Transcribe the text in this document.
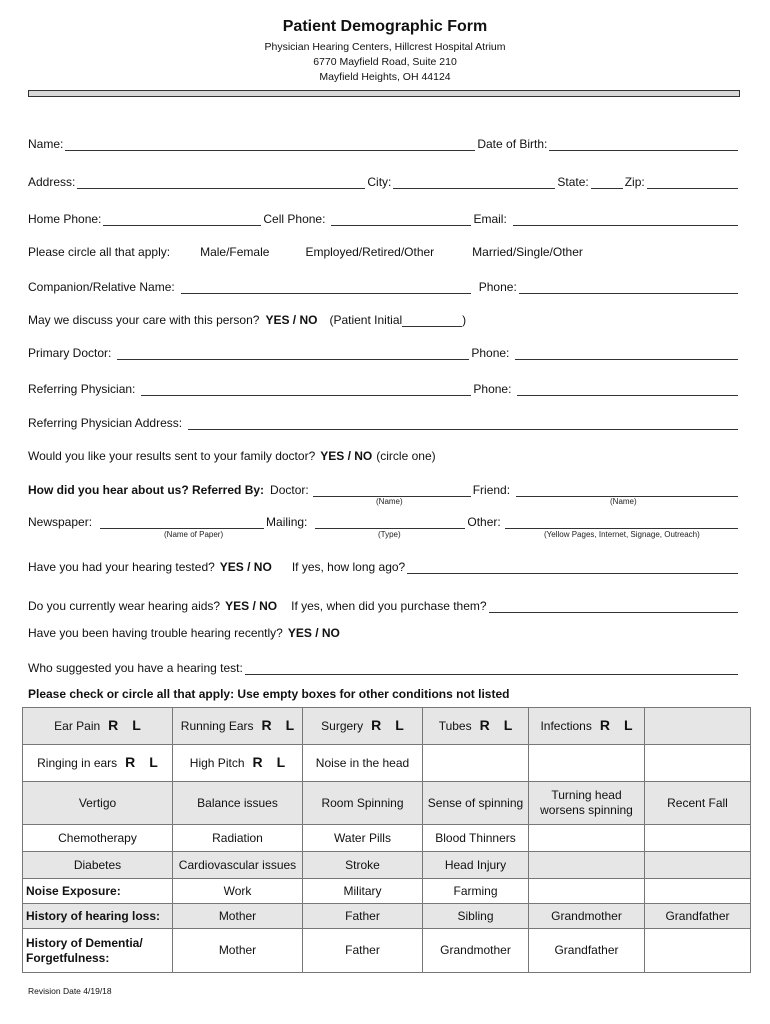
Patient Demographic Form
Physician Hearing Centers, Hillcrest Hospital Atrium
6770 Mayfield Road, Suite 210
Mayfield Heights, OH 44124
Name:	Date of Birth:
Address:	City:	State:	Zip:
Home Phone:	Cell Phone:	Email:
Please circle all that apply:	Male/Female	Employed/Retired/Other	Married/Single/Other
Companion/Relative Name:	Phone:
May we discuss your care with this person? YES / NO (Patient Initial	)
Primary Doctor:	Phone:
Referring Physician:	Phone:
Referring Physician Address:
Would you like your results sent to your family doctor? YES / NO (circle one)
How did you hear about us? Referred By: Doctor:	Friend:
(Name)	(Name)
Newspaper:	Mailing:	Other:
(Name of Paper)	(Type)	(Yellow Pages, Internet, Signage, Outreach)
Have you had your hearing tested? YES / NO If yes, how long ago?
Do you currently wear hearing aids? YES / NO If yes, when did you purchase them?
Have you been having trouble hearing recently? YES / NO
Who suggested you have a hearing test:
Please check or circle all that apply: Use empty boxes for other conditions not listed
Ear Pain R L	Running Ears R L	Surgery R L	Tubes R L	Infections R L	
Ringing in ears R L	High Pitch R L	Noise in the head			
Vertigo	Balance issues	Room Spinning	Sense of spinning	Turning head worsens spinning	Recent Fall
Chemotherapy	Radiation	Water Pills	Blood Thinners		
Diabetes	Cardiovascular issues	Stroke	Head Injury		
Noise Exposure:	Work	Military	Farming		
History of hearing loss:	Mother	Father	Sibling	Grandmother	Grandfather
History of Dementia/ Forgetfulness:	Mother	Father	Grandmother	Grandfather	
Revision Date 4/19/18
